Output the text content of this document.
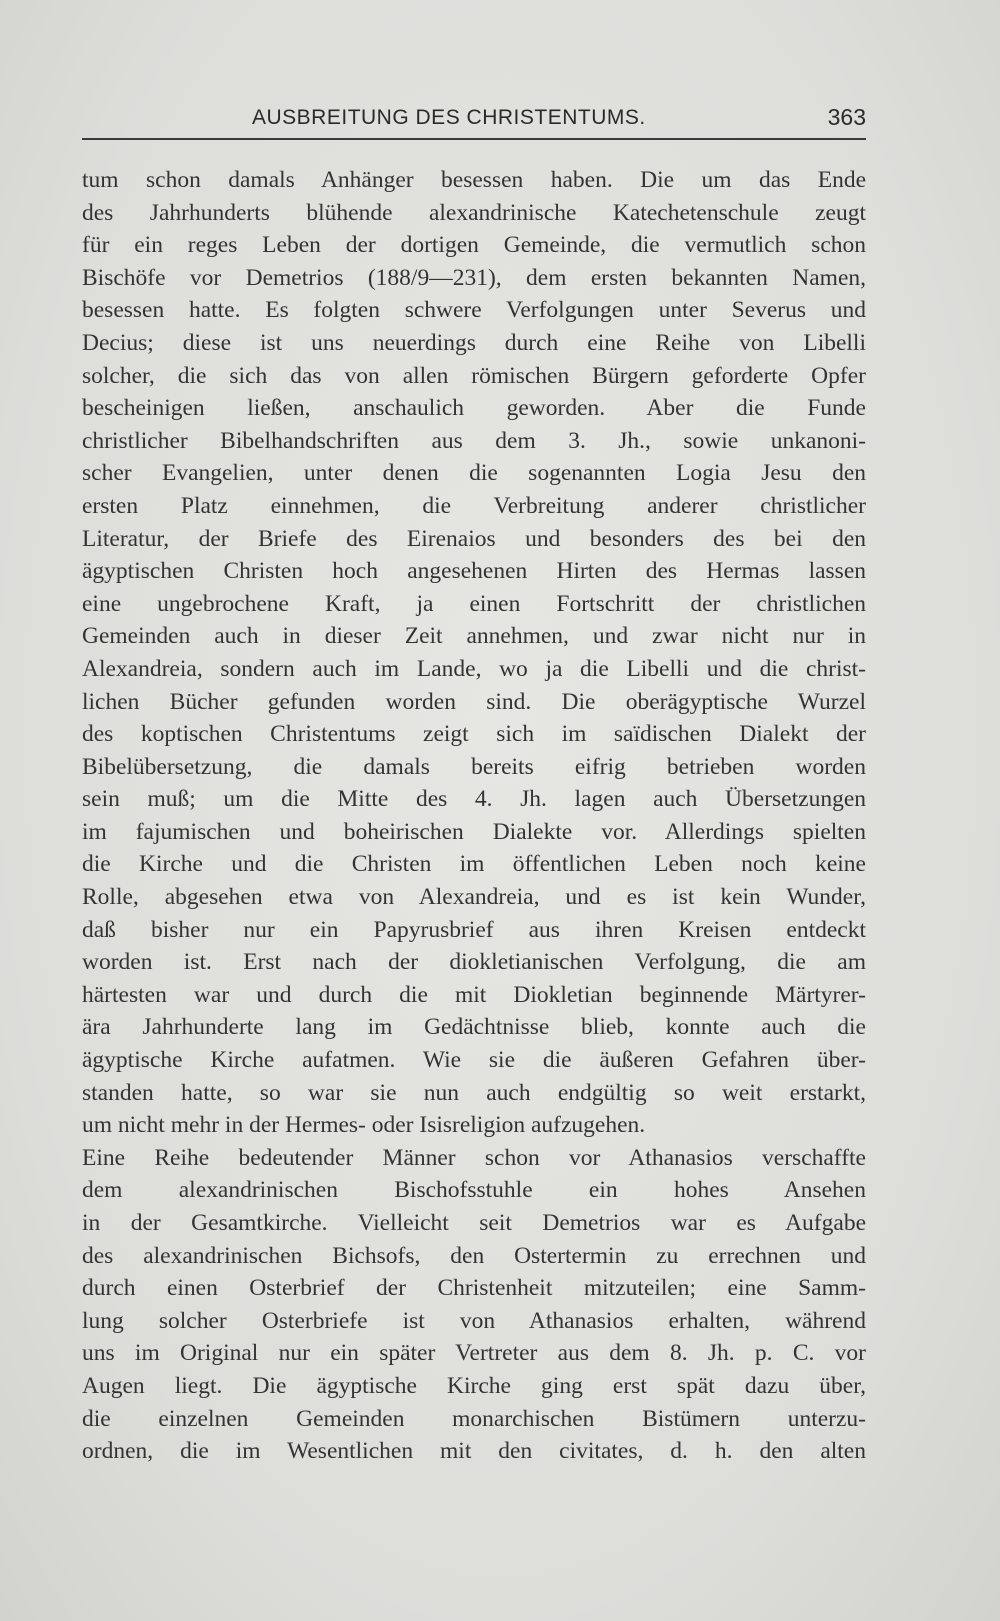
AUSBREITUNG DES CHRISTENTUMS.	363
tum schon damals Anhänger besessen haben. Die um das Ende
des Jahrhunderts blühende alexandrinische Katechetenschule zeugt
für ein reges Leben der dortigen Gemeinde, die vermutlich schon
Bischöfe vor Demetrios (188/9—231), dem ersten bekannten Namen,
besessen hatte. Es folgten schwere Verfolgungen unter Severus und
Decius; diese ist uns neuerdings durch eine Reihe von Libelli
solcher, die sich das von allen römischen Bürgern geforderte Opfer
bescheinigen ließen, anschaulich geworden. Aber die Funde
christlicher Bibelhandschriften aus dem 3. Jh., sowie unkanoni-
scher Evangelien, unter denen die sogenannten Logia Jesu den
ersten Platz einnehmen, die Verbreitung anderer christlicher
Literatur, der Briefe des Eirenaios und besonders des bei den
ägyptischen Christen hoch angesehenen Hirten des Hermas lassen
eine ungebrochene Kraft, ja einen Fortschritt der christlichen
Gemeinden auch in dieser Zeit annehmen, und zwar nicht nur in
Alexandreia, sondern auch im Lande, wo ja die Libelli und die christ-
lichen Bücher gefunden worden sind. Die oberägyptische Wurzel
des koptischen Christentums zeigt sich im saïdischen Dialekt der
Bibelübersetzung, die damals bereits eifrig betrieben worden
sein muß; um die Mitte des 4. Jh. lagen auch Übersetzungen
im fajumischen und boheirischen Dialekte vor. Allerdings spielten
die Kirche und die Christen im öffentlichen Leben noch keine
Rolle, abgesehen etwa von Alexandreia, und es ist kein Wunder,
daß bisher nur ein Papyrusbrief aus ihren Kreisen entdeckt
worden ist. Erst nach der diokletianischen Verfolgung, die am
härtesten war und durch die mit Diokletian beginnende Märtyrer-
ära Jahrhunderte lang im Gedächtnisse blieb, konnte auch die
ägyptische Kirche aufatmen. Wie sie die äußeren Gefahren über-
standen hatte, so war sie nun auch endgültig so weit erstarkt,
um nicht mehr in der Hermes- oder Isisreligion aufzugehen.
Eine Reihe bedeutender Männer schon vor Athanasios verschaffte
dem alexandrinischen Bischofsstuhle ein hohes Ansehen
in der Gesamtkirche. Vielleicht seit Demetrios war es Aufgabe
des alexandrinischen Bichsofs, den Ostertermin zu errechnen und
durch einen Osterbrief der Christenheit mitzuteilen; eine Samm-
lung solcher Osterbriefe ist von Athanasios erhalten, während
uns im Original nur ein später Vertreter aus dem 8. Jh. p. C. vor
Augen liegt. Die ägyptische Kirche ging erst spät dazu über,
die einzelnen Gemeinden monarchischen Bistümern unterzu-
ordnen, die im Wesentlichen mit den civitates, d. h. den alten
